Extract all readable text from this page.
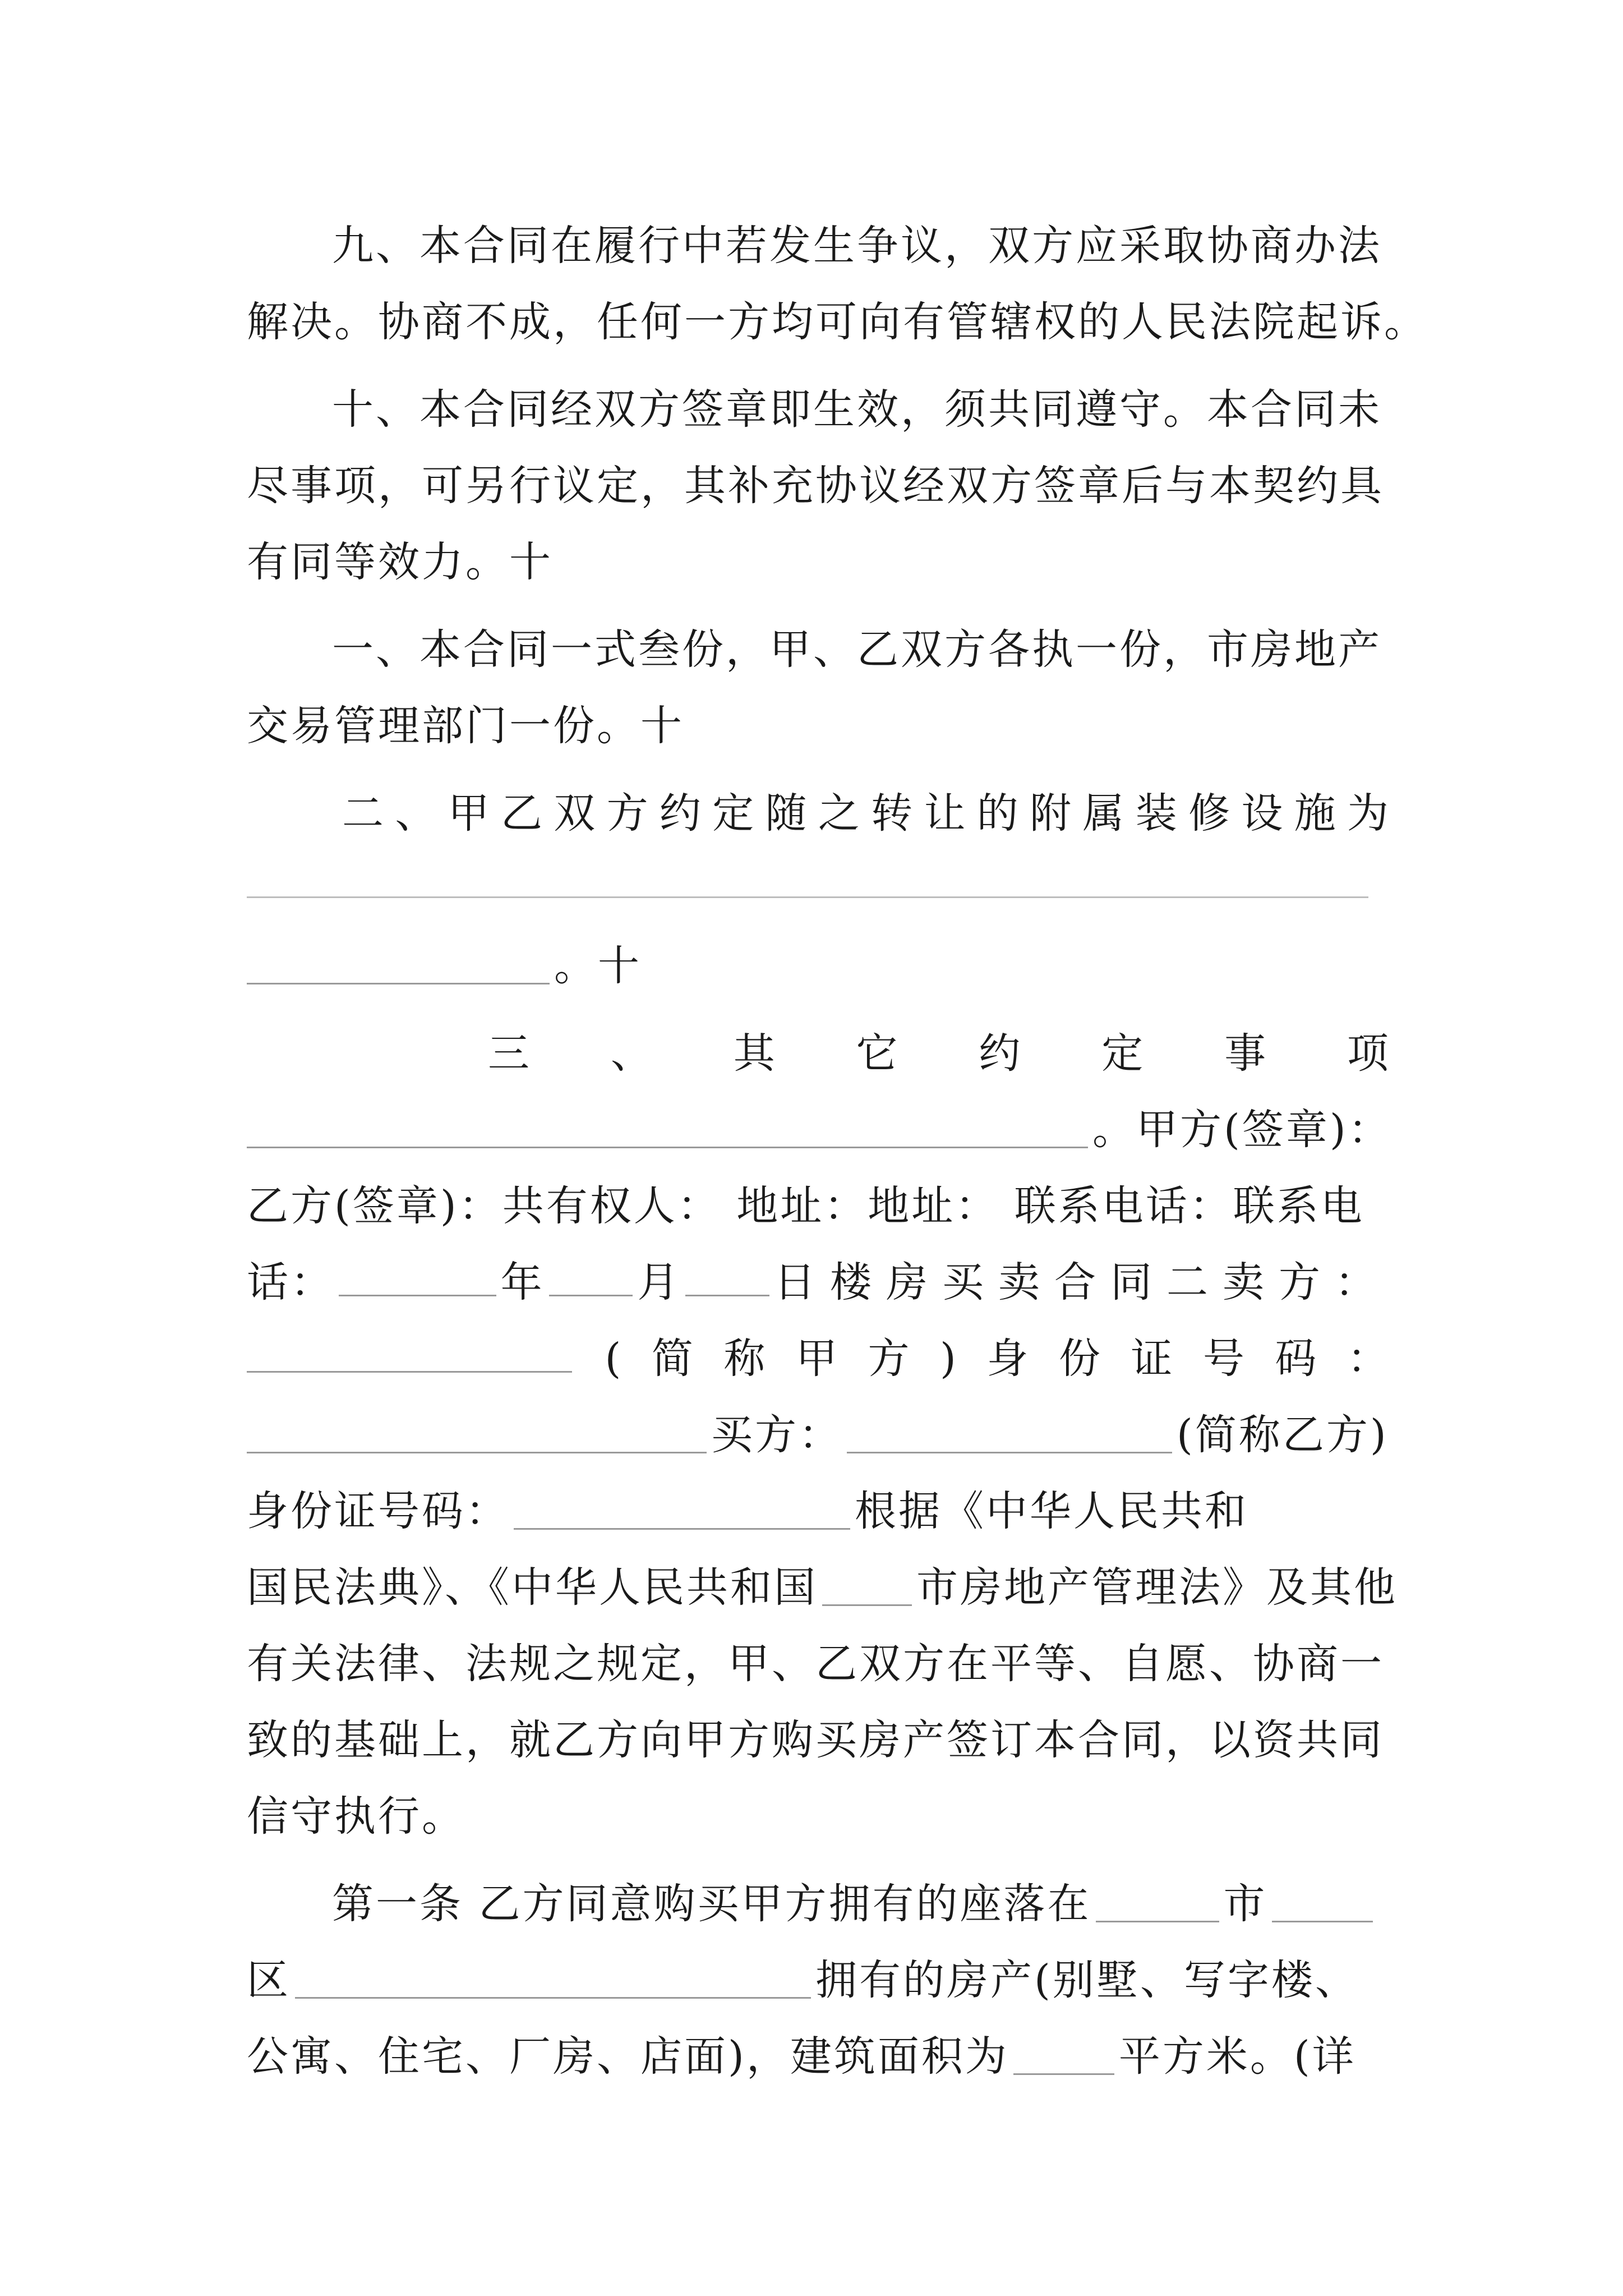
九、本合同在履行中若发生争议，双方应采取协商办法
解决。协商不成，任何一方均可向有管辖权的人民法院起诉。
十、本合同经双方签章即生效，须共同遵守。本合同未
尽事项，可另行议定，其补充协议经双方签章后与本契约具
有同等效力。十
一、本合同一式叁份，甲、乙双方各执一份，市房地产
交易管理部门一份。十
二 、 甲 乙 双 方 约 定 随 之 转 让 的 附 属 装 修 设 施 为
。十
三 、 其 它 约 定 事 项
。甲方(签章)：
乙方(签章)：共有权人： 地址：地址： 联系电话：联系电
话：	年 月 日楼房买卖合同二卖方：
( 简 称 甲 方 ) 身 份 证 号 码 ：
买方：	(简称乙方)
身份证号码：	根据《中华人民共和
国民法典》、《中华人民共和国 市房地产管理法》及其他
有关法律、法规之规定，甲、乙双方在平等、自愿、协商一
致的基础上，就乙方向甲方购买房产签订本合同，以资共同
信守执行。
第一条 乙方同意购买甲方拥有的座落在	市
区	拥有的房产(别墅、写字楼、
公寓、住宅、厂房、店面)，建筑面积为	平方米。(详
